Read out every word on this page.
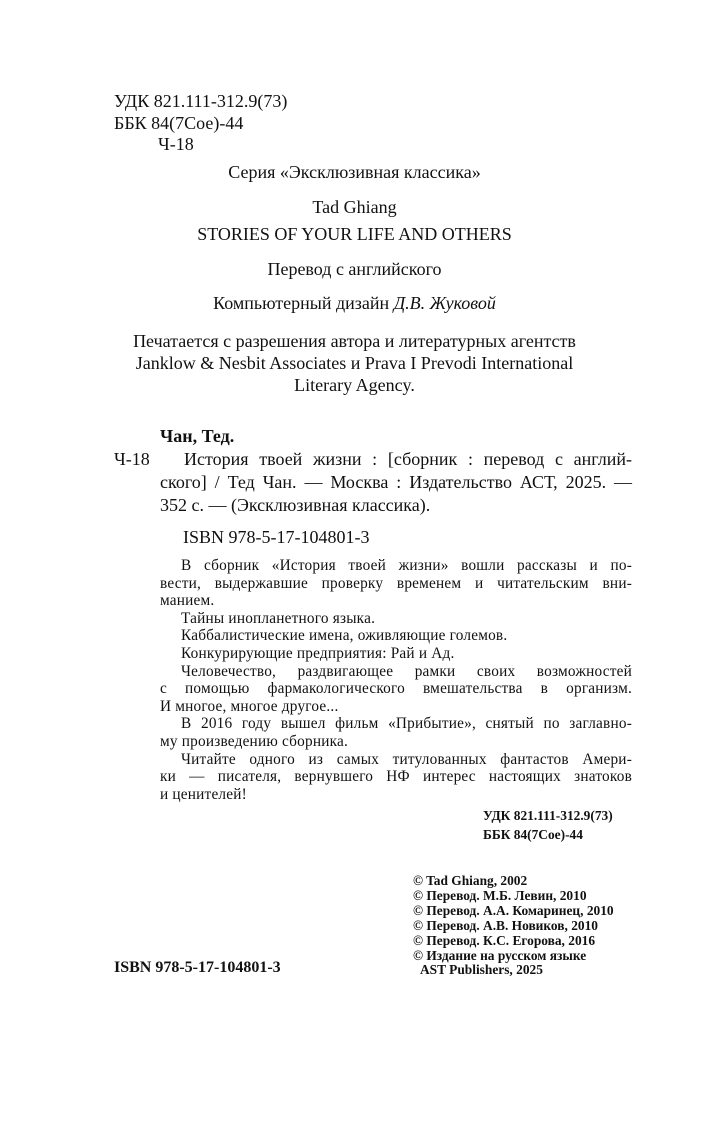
УДК 821.111-312.9(73)
ББК 84(7Сое)-44
Ч-18
Серия «Эксклюзивная классика»
Tad Ghiang
STORIES OF YOUR LIFE AND OTHERS
Перевод с английского
Компьютерный дизайн Д.В. Жуковой
Печатается с разрешения автора и литературных агентств
Janklow & Nesbit Associates и Prava I Prevodi International
Literary Agency.
Чан, Тед.
Ч-18	История твоей жизни : [сборник : перевод с англий-
ского] / Тед Чан. — Москва : Издательство АСТ, 2025. —
352 с. — (Эксклюзивная классика).
ISBN 978-5-17-104801-3
В сборник «История твоей жизни» вошли рассказы и по-
вести, выдержавшие проверку временем и читательским вни-
манием.
Тайны инопланетного языка.
Каббалистические имена, оживляющие големов.
Конкурирующие предприятия: Рай и Ад.
Человечество, раздвигающее рамки своих возможностей
с помощью фармакологического вмешательства в организм.
И многое, многое другое...
В 2016 году вышел фильм «Прибытие», снятый по заглавно-
му произведению сборника.
Читайте одного из самых титулованных фантастов Амери-
ки — писателя, вернувшего НФ интерес настоящих знатоков
и ценителей!
УДК 821.111-312.9(73)
ББК 84(7Сое)-44
© Tad Ghiang, 2002
© Перевод. М.Б. Левин, 2010
© Перевод. А.А. Комаринец, 2010
© Перевод. А.В. Новиков, 2010
© Перевод. К.С. Егорова, 2016
© Издание на русском языке
AST Publishers, 2025
ISBN 978-5-17-104801-3
